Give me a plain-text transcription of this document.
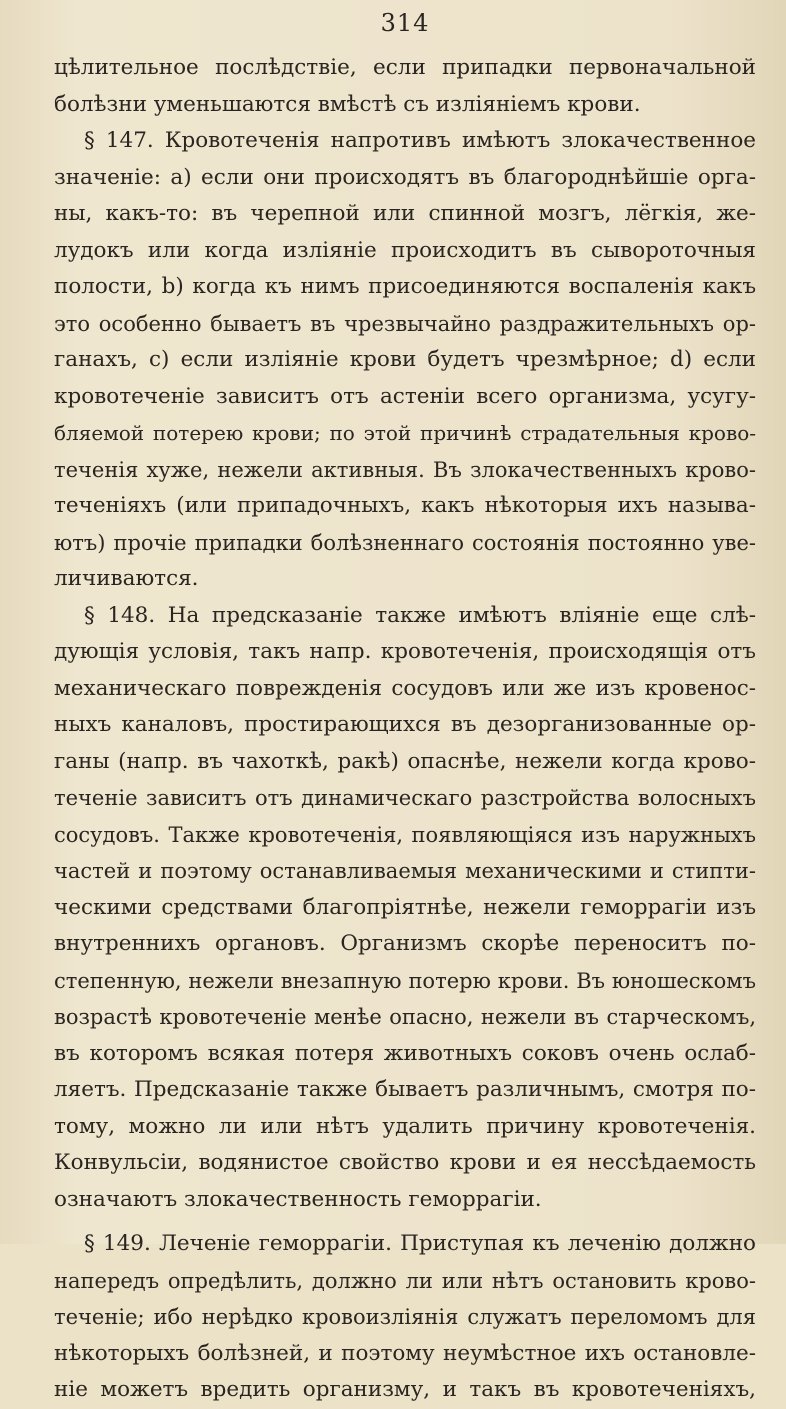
314
цѣлительное послѣдствіе, если припадки первоначальной
болѣзни уменьшаются вмѣстѣ съ изліяніемъ крови.
§ 147. Кровотеченія напротивъ имѣютъ злокачественное
значеніе: a) если они происходятъ въ благороднѣйшіе орга-
ны, какъ-то: въ черепной или спинной мозгъ, лёгкія, же-
лудокъ или когда изліяніе происходитъ въ сывороточныя
полости, b) когда къ нимъ присоединяются воспаленія какъ
это особенно бываетъ въ чрезвычайно раздражительныхъ ор-
ганахъ, c) если изліяніе крови будетъ чрезмѣрное; d) если
кровотеченіе зависитъ отъ астеніи всего организма, усугу-
бляемой потерею крови; по этой причинѣ страдательныя крово-
теченія хуже, нежели активныя. Въ злокачественныхъ крово-
теченіяхъ (или припадочныхъ, какъ нѣкоторыя ихъ называ-
ютъ) прочіе припадки болѣзненнаго состоянія постоянно уве-
личиваются.
§ 148. На предсказаніе также имѣютъ вліяніе еще слѣ-
дующія условія, такъ напр. кровотеченія, происходящія отъ
механическаго поврежденія сосудовъ или же изъ кровенос-
ныхъ каналовъ, простирающихся въ дезорганизованные ор-
ганы (напр. въ чахоткѣ, ракѣ) опаснѣе, нежели когда крово-
теченіе зависитъ отъ динамическаго разстройства волосныхъ
сосудовъ. Также кровотеченія, появляющіяся изъ наружныхъ
частей и поэтому останавливаемыя механическими и стипти-
ческими средствами благопріятнѣе, нежели геморрагіи изъ
внутреннихъ органовъ. Организмъ скорѣе переноситъ по-
степенную, нежели внезапную потерю крови. Въ юношескомъ
возрастѣ кровотеченіе менѣе опасно, нежели въ старческомъ,
въ которомъ всякая потеря животныхъ соковъ очень ослаб-
ляетъ. Предсказаніе также бываетъ различнымъ, смотря по-
тому, можно ли или нѣтъ удалить причину кровотеченія.
Конвульсіи, водянистое свойство крови и ея нессѣдаемость
означаютъ злокачественность геморрагіи.
§ 149. Леченіе геморрагіи. Приступая къ леченію должно
напередъ опредѣлить, должно ли или нѣтъ остановить крово-
теченіе; ибо нерѣдко кровоизліянія служатъ переломомъ для
нѣкоторыхъ болѣзней, и поэтому неумѣстное ихъ остановле-
ніе можетъ вредить организму, и такъ въ кровотеченіяхъ,
